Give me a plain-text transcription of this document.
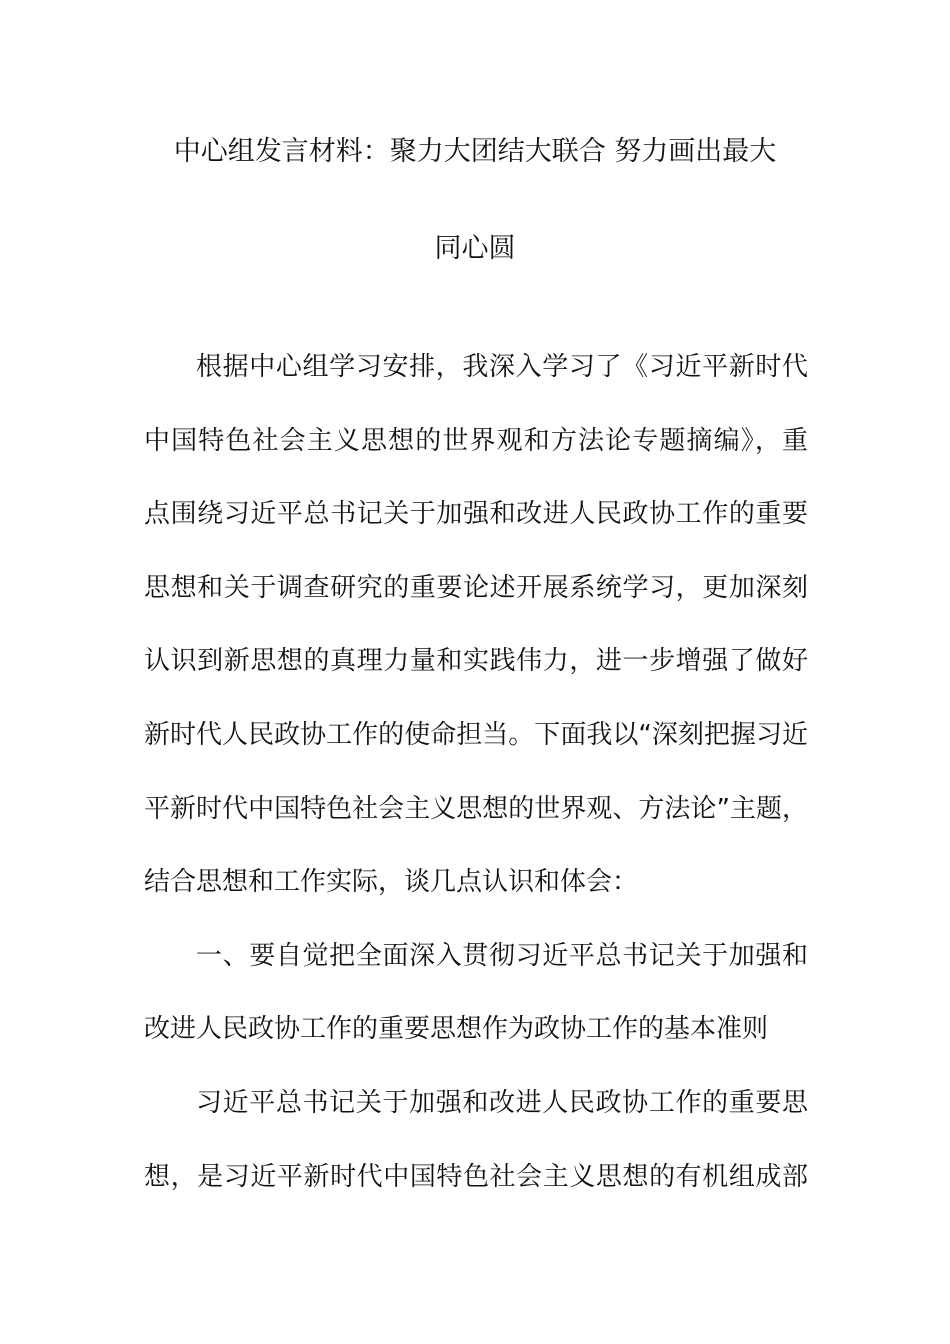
中心组发言材料：聚力大团结大联合 努力画出最大
同心圆
根据中心组学习安排，我深入学习了《习近平新时代
中国特色社会主义思想的世界观和方法论专题摘编》，重
点围绕习近平总书记关于加强和改进人民政协工作的重要
思想和关于调查研究的重要论述开展系统学习，更加深刻
认识到新思想的真理力量和实践伟力，进一步增强了做好
新时代人民政协工作的使命担当。下面我以“深刻把握习近
平新时代中国特色社会主义思想的世界观、方法论”主题，
结合思想和工作实际，谈几点认识和体会：
一、要自觉把全面深入贯彻习近平总书记关于加强和
改进人民政协工作的重要思想作为政协工作的基本准则
习近平总书记关于加强和改进人民政协工作的重要思
想，是习近平新时代中国特色社会主义思想的有机组成部
